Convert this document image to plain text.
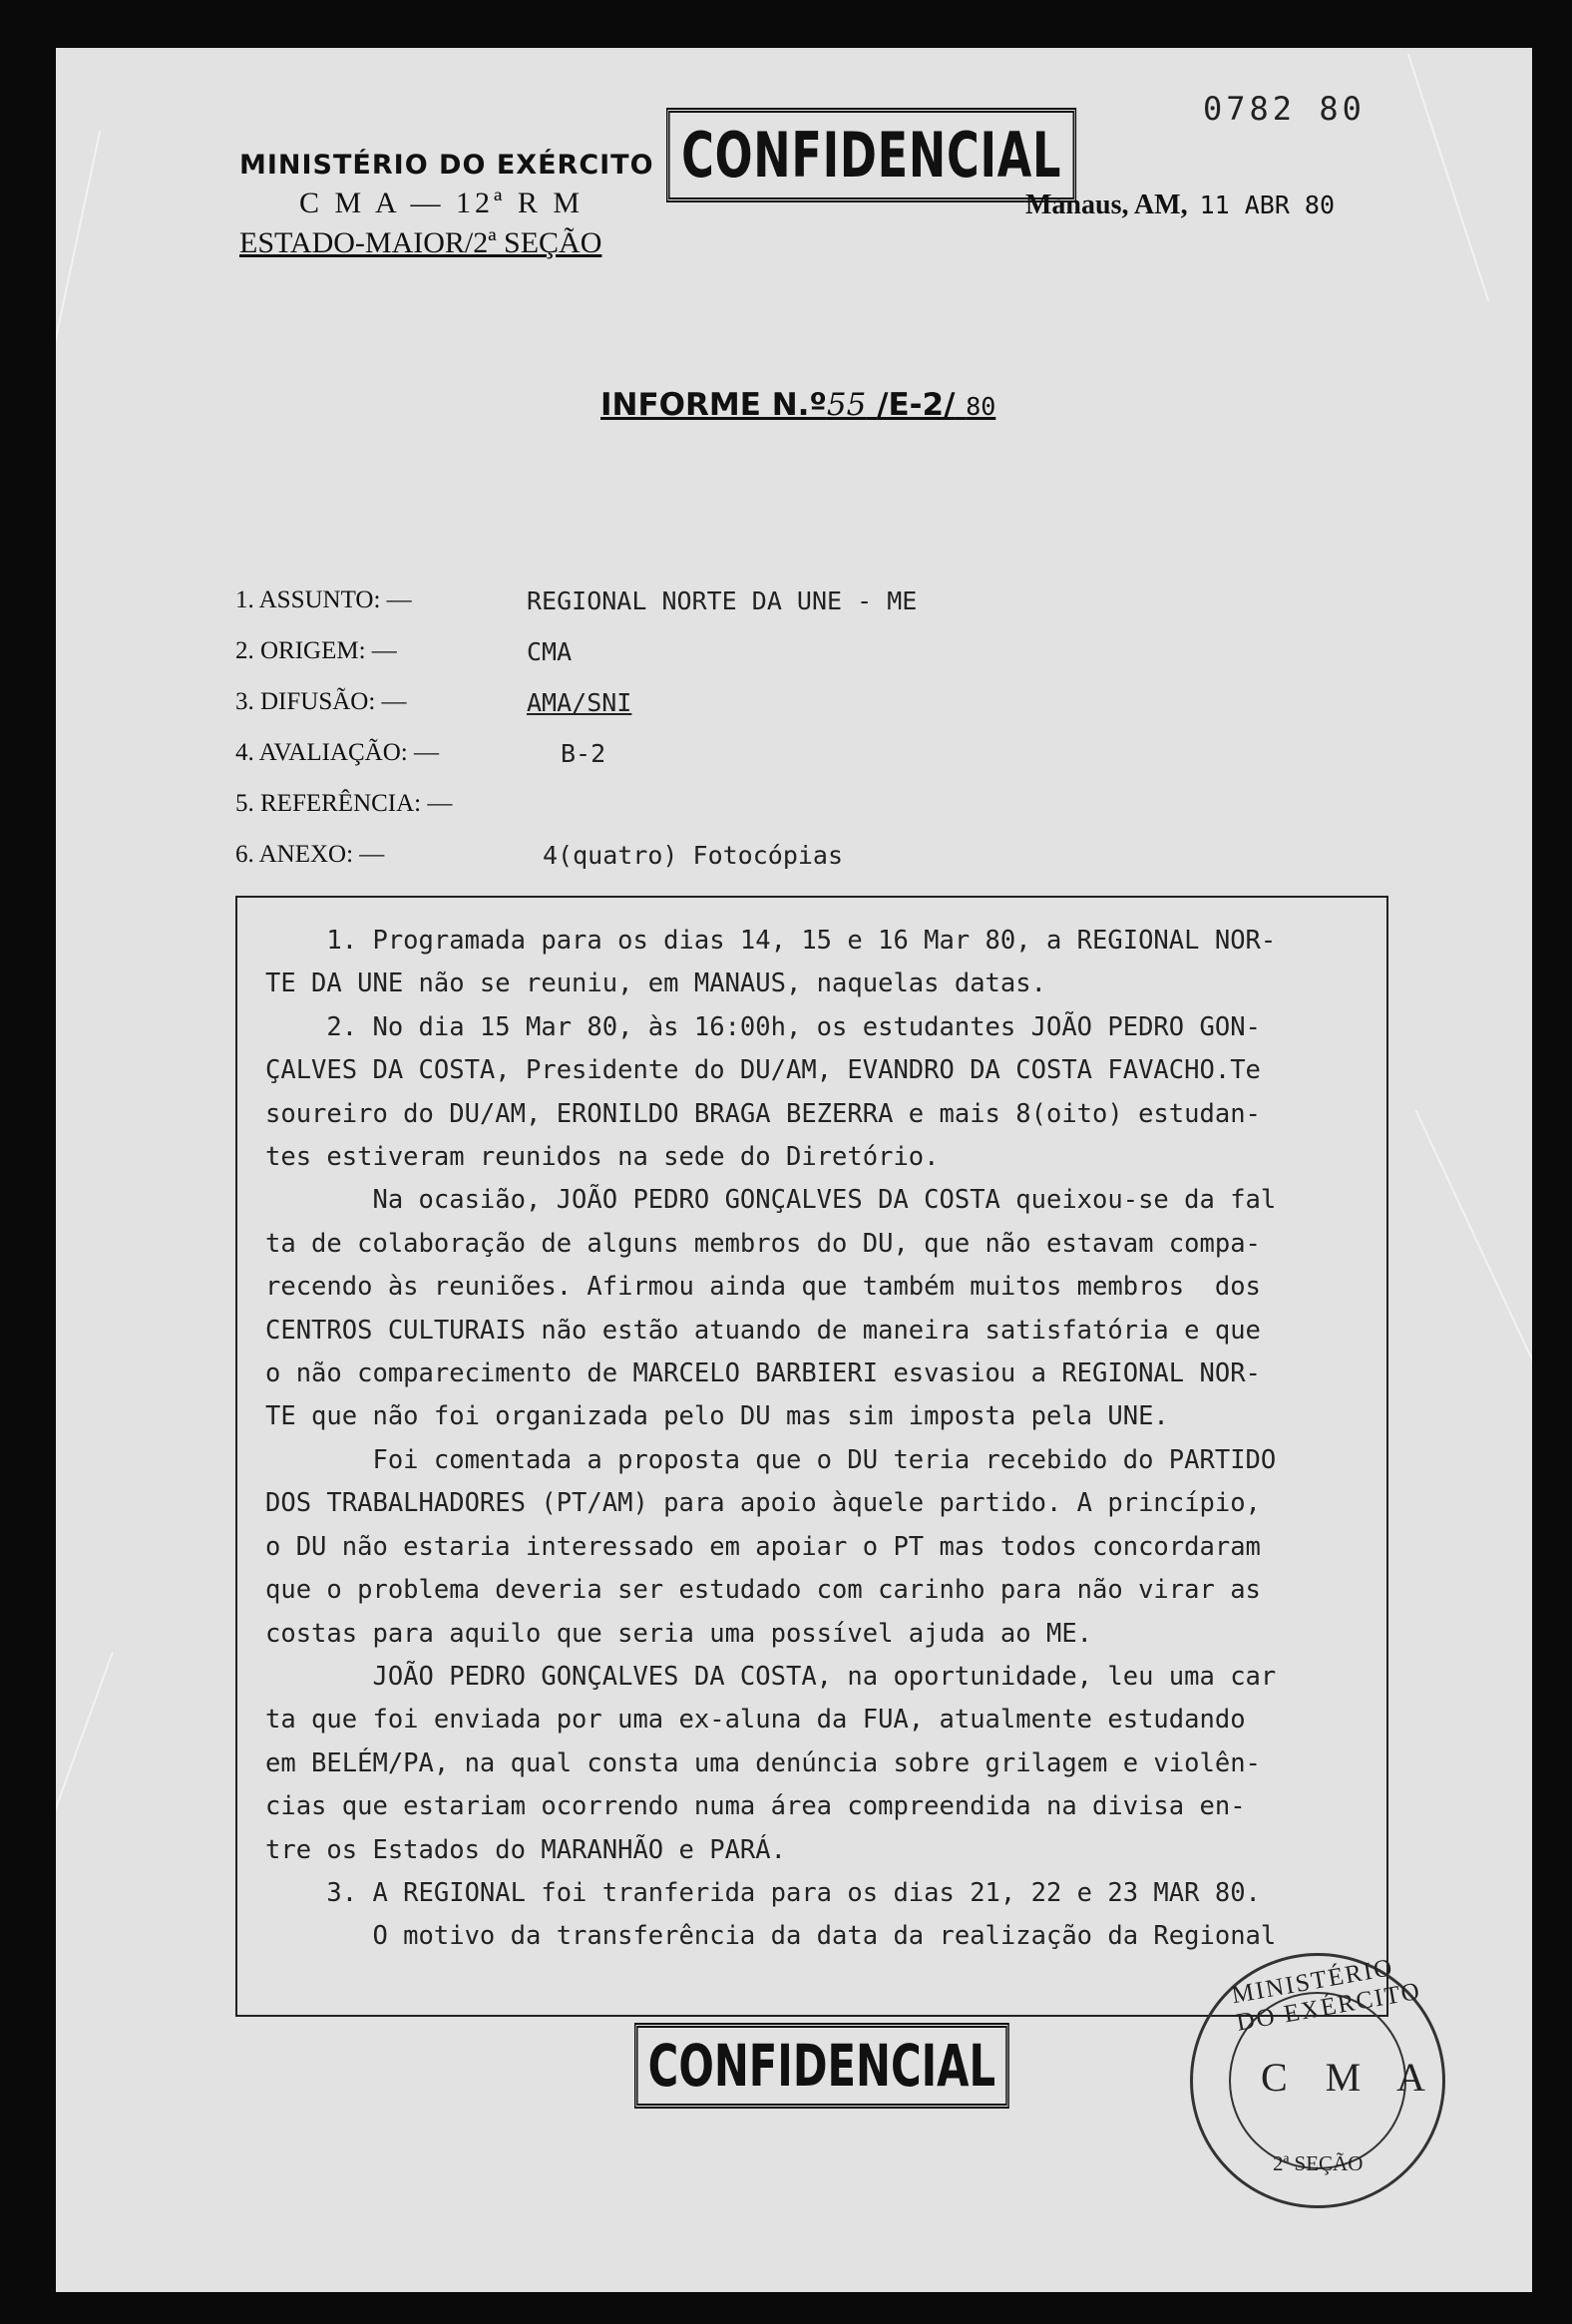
0782 80
MINISTÉRIO DO EXÉRCITO
C M A — 12ª R M
ESTADO-MAIOR/2ª SEÇÃO
CONFIDENCIAL
Manaus, AM, 11 ABR 80
INFORME N.º55 /E-2/ 80
1. ASSUNTO: —	REGIONAL NORTE DA UNE - ME
2. ORIGEM: —	CMA
3. DIFUSÃO: —	AMA/SNI
4. AVALIAÇÃO: —	B-2
5. REFERÊNCIA: —
6. ANEXO: —	4(quatro) Fotocópias
1. Programada para os dias 14, 15 e 16 Mar 80, a REGIONAL NOR-
TE DA UNE não se reuniu, em MANAUS, naquelas datas.
2. No dia 15 Mar 80, às 16:00h, os estudantes JOÃO PEDRO GON-
ÇALVES DA COSTA, Presidente do DU/AM, EVANDRO DA COSTA FAVACHO.Te
soureiro do DU/AM, ERONILDO BRAGA BEZERRA e mais 8(oito) estudan-
tes estiveram reunidos na sede do Diretório.
Na ocasião, JOÃO PEDRO GONÇALVES DA COSTA queixou-se da fal
ta de colaboração de alguns membros do DU, que não estavam compa-
recendo às reuniões. Afirmou ainda que também muitos membros  dos
CENTROS CULTURAIS não estão atuando de maneira satisfatória e que
o não comparecimento de MARCELO BARBIERI esvasiou a REGIONAL NOR-
TE que não foi organizada pelo DU mas sim imposta pela UNE.
Foi comentada a proposta que o DU teria recebido do PARTIDO
DOS TRABALHADORES (PT/AM) para apoio àquele partido. A princípio,
o DU não estaria interessado em apoiar o PT mas todos concordaram
que o problema deveria ser estudado com carinho para não virar as
costas para aquilo que seria uma possível ajuda ao ME.
JOÃO PEDRO GONÇALVES DA COSTA, na oportunidade, leu uma car
ta que foi enviada por uma ex-aluna da FUA, atualmente estudando
em BELÉM/PA, na qual consta uma denúncia sobre grilagem e violên-
cias que estariam ocorrendo numa área compreendida na divisa en-
tre os Estados do MARANHÃO e PARÁ.
3. A REGIONAL foi tranferida para os dias 21, 22 e 23 MAR 80.
O motivo da transferência da data da realização da Regional
CONFIDENCIAL
MINISTÉRIO DO EXÉRCITO
C M A
2ª SEÇÃO
